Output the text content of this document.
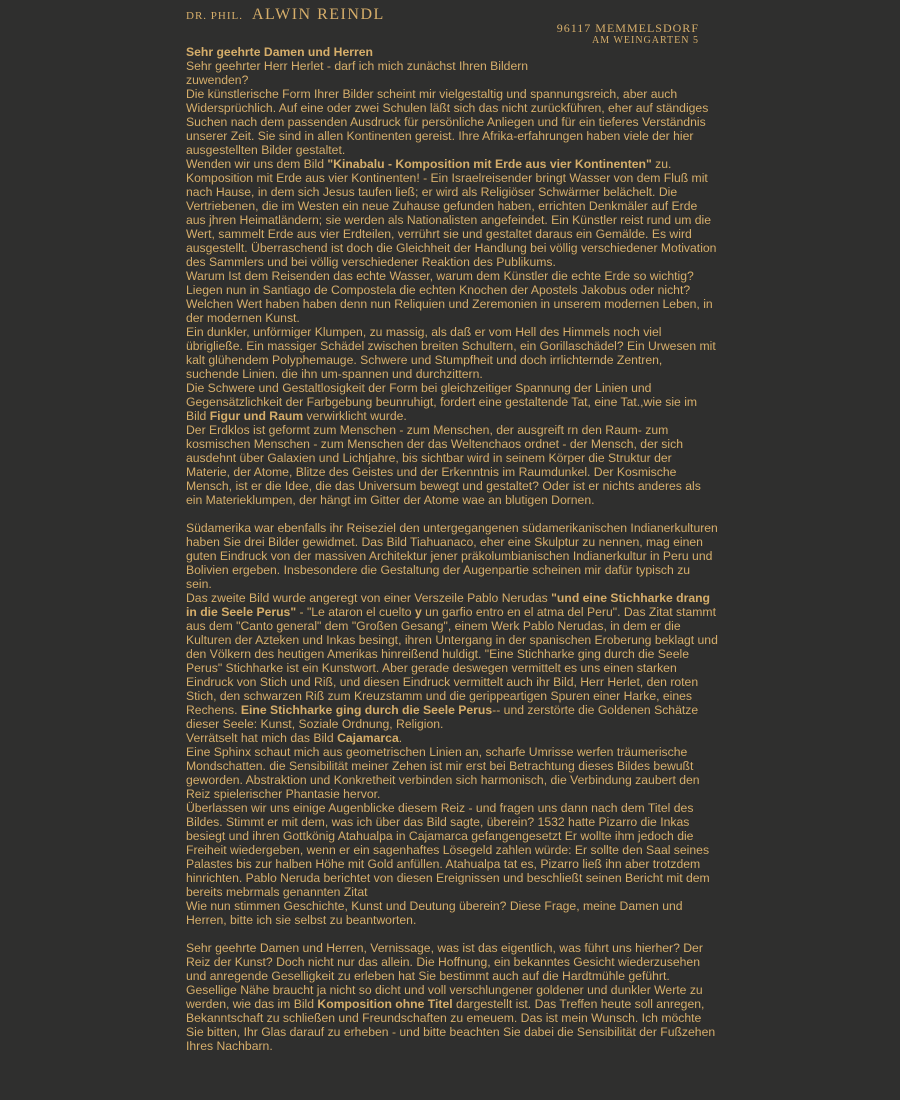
DR. PHIL. ALWIN REINDL
96117 MEMMELSDORF
AM WEINGARTEN 5

Sehr geehrte Damen und Herren

Sehr geehrter Herr Herlet - darf ich mich zunächst Ihren Bildern zuwenden?

Die künstlerische Form Ihrer Bilder scheint mir vielgestaltig und spannungsreich, aber auch Widersprüchlich. Auf eine oder zwei Schulen läßt sich das nicht zurückführen, eher auf ständiges Suchen nach dem passenden Ausdruck für persönliche Anliegen und für ein tieferes Verständnis unserer Zeit. Sie sind in allen Kontinenten gereist. Ihre Afrika-erfahrungen haben viele der hier ausgestellten Bilder gestaltet.

Wenden wir uns dem Bild "Kinabalu - Komposition mit Erde aus vier Kontinenten" zu. Komposition mit Erde aus vier Kontinenten! - Ein Israelreisender bringt Wasser von dem Fluß mit nach Hause, in dem sich Jesus taufen ließ; er wird als Religiöser Schwärmer belächelt. Die Vertriebenen, die im Westen ein neue Zuhause gefunden haben, errichten Denkmäler auf Erde aus jhren Heimatländern; sie werden als Nationalisten angefeindet. Ein Künstler reist rund um die Wert, sammelt Erde aus vier Erdteilen, verrührt sie und gestaltet daraus ein Gemälde. Es wird ausgestellt. Überraschend ist doch die Gleichheit der Handlung bei völlig verschiedener Motivation des Sammlers und bei völlig verschiedener Reaktion des Publikums.

Warum Ist dem Reisenden das echte Wasser, warum dem Künstler die echte Erde so wichtig? Liegen nun in Santiago de Compostela die echten Knochen der Apostels Jakobus oder nicht? Welchen Wert haben haben denn nun Reliquien und Zeremonien in unserem modernen Leben, in der modernen Kunst.

Ein dunkler, unförmiger Klumpen, zu massig, als daß er vom Hell des Himmels noch viel übrigließe. Ein massiger Schädel zwischen breiten Schultern, ein Gorillaschädel? Ein Urwesen mit kalt glühendem Polyphemauge. Schwere und Stumpfheit und doch irrlichternde Zentren, suchende Linien. die ihn um-spannen und durchzittern.

Die Schwere und Gestaltlosigkeit der Form bei gleichzeitiger Spannung der Linien und Gegensätzlichkeit der Farbgebung beunruhigt, fordert eine gestaltende Tat, eine Tat.,wie sie im Bild Figur und Raum verwirklicht wurde.

Der Erdklos ist geformt zum Menschen - zum Menschen, der ausgreift rn den Raum- zum kosmischen Menschen - zum Menschen der das Weltenchaos ordnet - der Mensch, der sich ausdehnt über Galaxien und Lichtjahre, bis sichtbar wird in seinem Körper die Struktur der Materie, der Atome, Blitze des Geistes und der Erkenntnis im Raumdunkel. Der Kosmische Mensch, ist er die Idee, die das Universum bewegt und gestaltet? Oder ist er nichts anderes als ein Materieklumpen, der hängt im Gitter der Atome wae an blutigen Dornen.

Südamerika war ebenfalls ihr Reiseziel den untergegangenen südamerikanischen Indianerkulturen haben Sie drei Bilder gewidmet. Das Bild Tiahuanaco, eher eine Skulptur zu nennen, mag einen guten Eindruck von der massiven Architektur jener präkolumbianischen Indianerkultur in Peru und Bolivien ergeben. Insbesondere die Gestaltung der Augenpartie scheinen mir dafür typisch zu sein.

Das zweite Bild wurde angeregt von einer Verszeile Pablo Nerudas "und eine Stichharke drang in die Seele Perus" - "Le ataron el cuelto y un garfio entro en el atma del Peru". Das Zitat stammt aus dem "Canto general" dem "Großen Gesang", einem Werk Pablo Nerudas, in dem er die Kulturen der Azteken und Inkas besingt, ihren Untergang in der spanischen Eroberung beklagt und den Völkern des heutigen Amerikas hinreißend huldigt. "Eine Stichharke ging durch die Seele Perus" Stichharke ist ein Kunstwort. Aber gerade deswegen vermittelt es uns einen starken Eindruck von Stich und Riß, und diesen Eindruck vermittelt auch ihr Bild, Herr Herlet, den roten Stich, den schwarzen Riß zum Kreuzstamm und die gerippeartigen Spuren einer Harke, eines Rechens. Eine Stichharke ging durch die Seele Perus-- und zerstörte die Goldenen Schätze dieser Seele: Kunst, Soziale Ordnung, Religion.

Verrätselt hat mich das Bild Cajamarca.

Eine Sphinx schaut mich aus geometrischen Linien an, scharfe Umrisse werfen träumerische Mondschatten. die Sensibilität meiner Zehen ist mir erst bei Betrachtung dieses Bildes bewußt geworden. Abstraktion und Konkretheit verbinden sich harmonisch, die Verbindung zaubert den Reiz spielerischer Phantasie hervor.

Überlassen wir uns einige Augenblicke diesem Reiz - und fragen uns dann nach dem Titel des Bildes. Stimmt er mit dem, was ich über das Bild sagte, überein? 1532 hatte Pizarro die Inkas besiegt und ihren Gottkönig Atahualpa in Cajamarca gefangengesetzt Er wollte ihm jedoch die Freiheit wiedergeben, wenn er ein sagenhaftes Lösegeld zahlen würde: Er sollte den Saal seines Palastes bis zur halben Höhe mit Gold anfüllen. Atahualpa tat es, Pizarro ließ ihn aber trotzdem hinrichten. Pablo Neruda berichtet von diesen Ereignissen und beschließt seinen Bericht mit dem bereits mebrmals genannten Zitat

Wie nun stimmen Geschichte, Kunst und Deutung überein? Diese Frage, meine Damen und Herren, bitte ich sie selbst zu beantworten.

Sehr geehrte Damen und Herren, Vernissage, was ist das eigentlich, was führt uns hierher? Der Reiz der Kunst? Doch nicht nur das allein. Die Hoffnung, ein bekanntes Gesicht wiederzusehen und anregende Geselligkeit zu erleben hat Sie bestimmt auch auf die Hardtmühle geführt. Gesellige Nähe braucht ja nicht so dicht und voll verschlungener goldener und dunkler Werte zu werden, wie das im Bild Komposition ohne Titel dargestellt ist. Das Treffen heute soll anregen, Bekanntschaft zu schließen und Freundschaften zu emeuem. Das ist mein Wunsch. Ich möchte Sie bitten, Ihr Glas darauf zu erheben - und bitte beachten Sie dabei die Sensibilität der Fußzehen Ihres Nachbarn.
